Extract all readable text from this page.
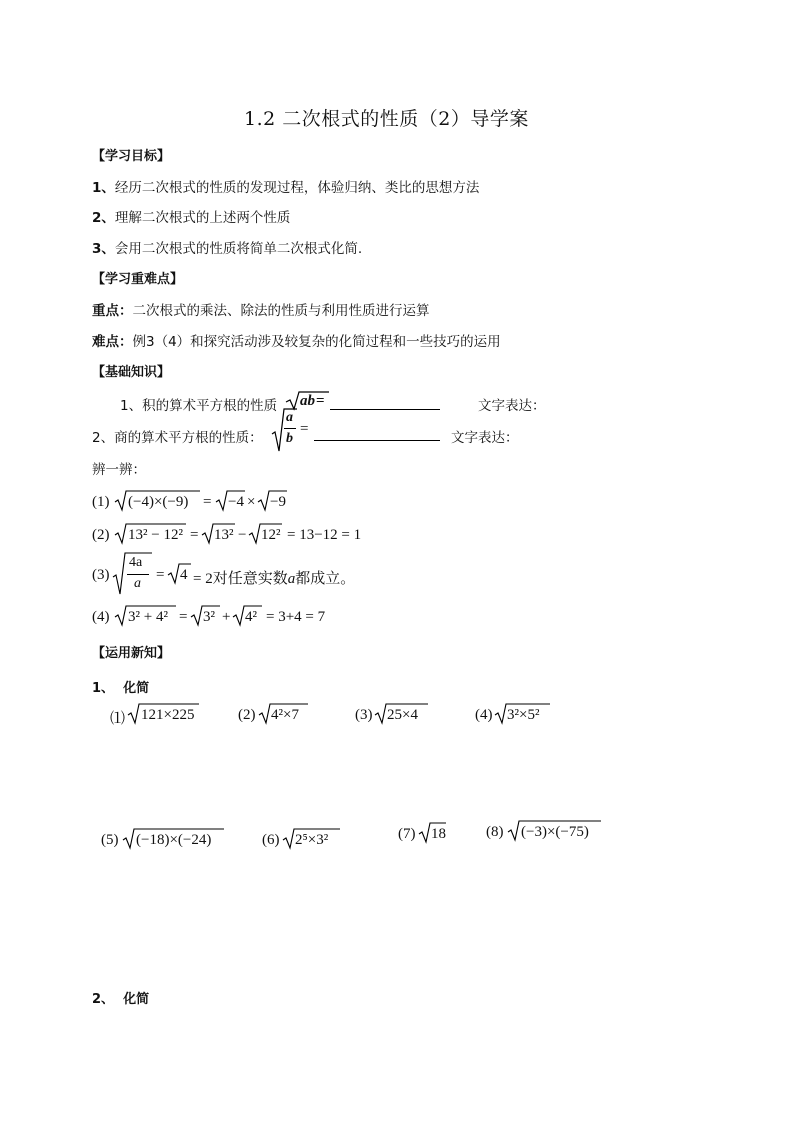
1.2 二次根式的性质（2）导学案
【学习目标】
1、经历二次根式的性质的发现过程，体验归纳、类比的思想方法
2、理解二次根式的上述两个性质
3、会用二次根式的性质将简单二次根式化简.
【学习重难点】
重点：二次根式的乘法、除法的性质与利用性质进行运算
难点：例3（4）和探究活动涉及较复杂的化简过程和一些技巧的运用
【基础知识】
1、积的算术平方根的性质 ab =	文字表达：
2、商的算术平方根的性质：
a
b
=
文字表达：
辨一辨：
(1) (−4)×(−9) = −4 × −9
(2) 13² − 12² = 13² − 12² = 13−12 = 1
(3)
4a
a
= 4 = 2对任意实数a都成立。
(4) 3² + 4² = 3² + 4² = 3+4 = 7
【运用新知】
1、 化简
⑴ 121×225	(2) 4²×7	(3) 25×4	(4) 3²×5²
(5) (−18)×(−24)	(6) 2⁵×3²	(7) 18	(8) (−3)×(−75)
2、 化简
